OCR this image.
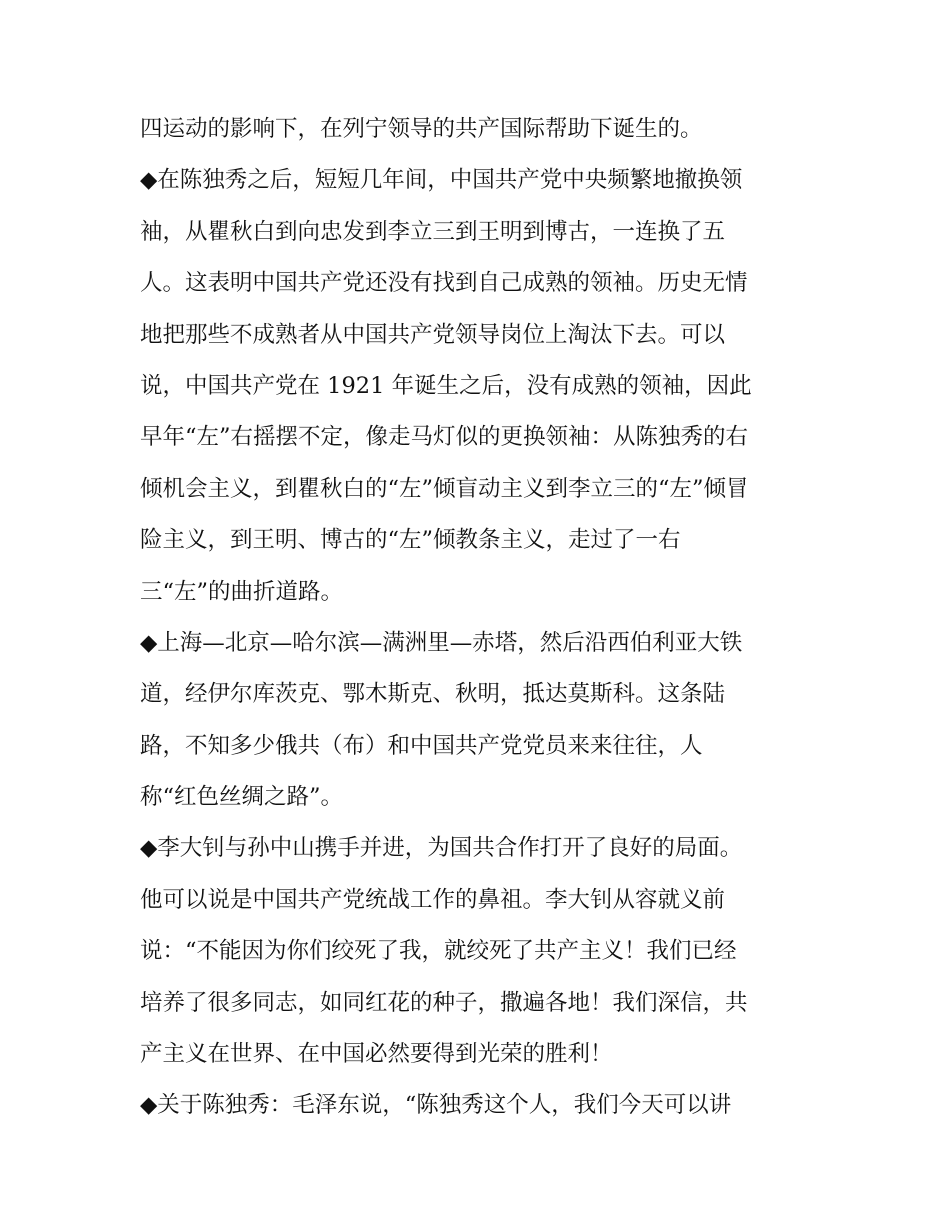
四运动的影响下，在列宁领导的共产国际帮助下诞生的。
◆在陈独秀之后，短短几年间，中国共产党中央频繁地撤换领
袖，从瞿秋白到向忠发到李立三到王明到博古，一连换了五
人。这表明中国共产党还没有找到自己成熟的领袖。历史无情
地把那些不成熟者从中国共产党领导岗位上淘汰下去。可以
说，中国共产党在 1921 年诞生之后，没有成熟的领袖，因此
早年“左”右摇摆不定，像走马灯似的更换领袖：从陈独秀的右
倾机会主义，到瞿秋白的“左”倾盲动主义到李立三的“左”倾冒
险主义，到王明、博古的“左”倾教条主义，走过了一右
三“左”的曲折道路。
◆上海—北京—哈尔滨—满洲里—赤塔，然后沿西伯利亚大铁
道，经伊尔库茨克、鄂木斯克、秋明，抵达莫斯科。这条陆
路，不知多少俄共（布）和中国共产党党员来来往往，人
称“红色丝绸之路”。
◆李大钊与孙中山携手并进，为国共合作打开了良好的局面。
他可以说是中国共产党统战工作的鼻祖。李大钊从容就义前
说：“不能因为你们绞死了我，就绞死了共产主义！我们已经
培养了很多同志，如同红花的种子，撒遍各地！我们深信，共
产主义在世界、在中国必然要得到光荣的胜利！
◆关于陈独秀：毛泽东说，“陈独秀这个人，我们今天可以讲
